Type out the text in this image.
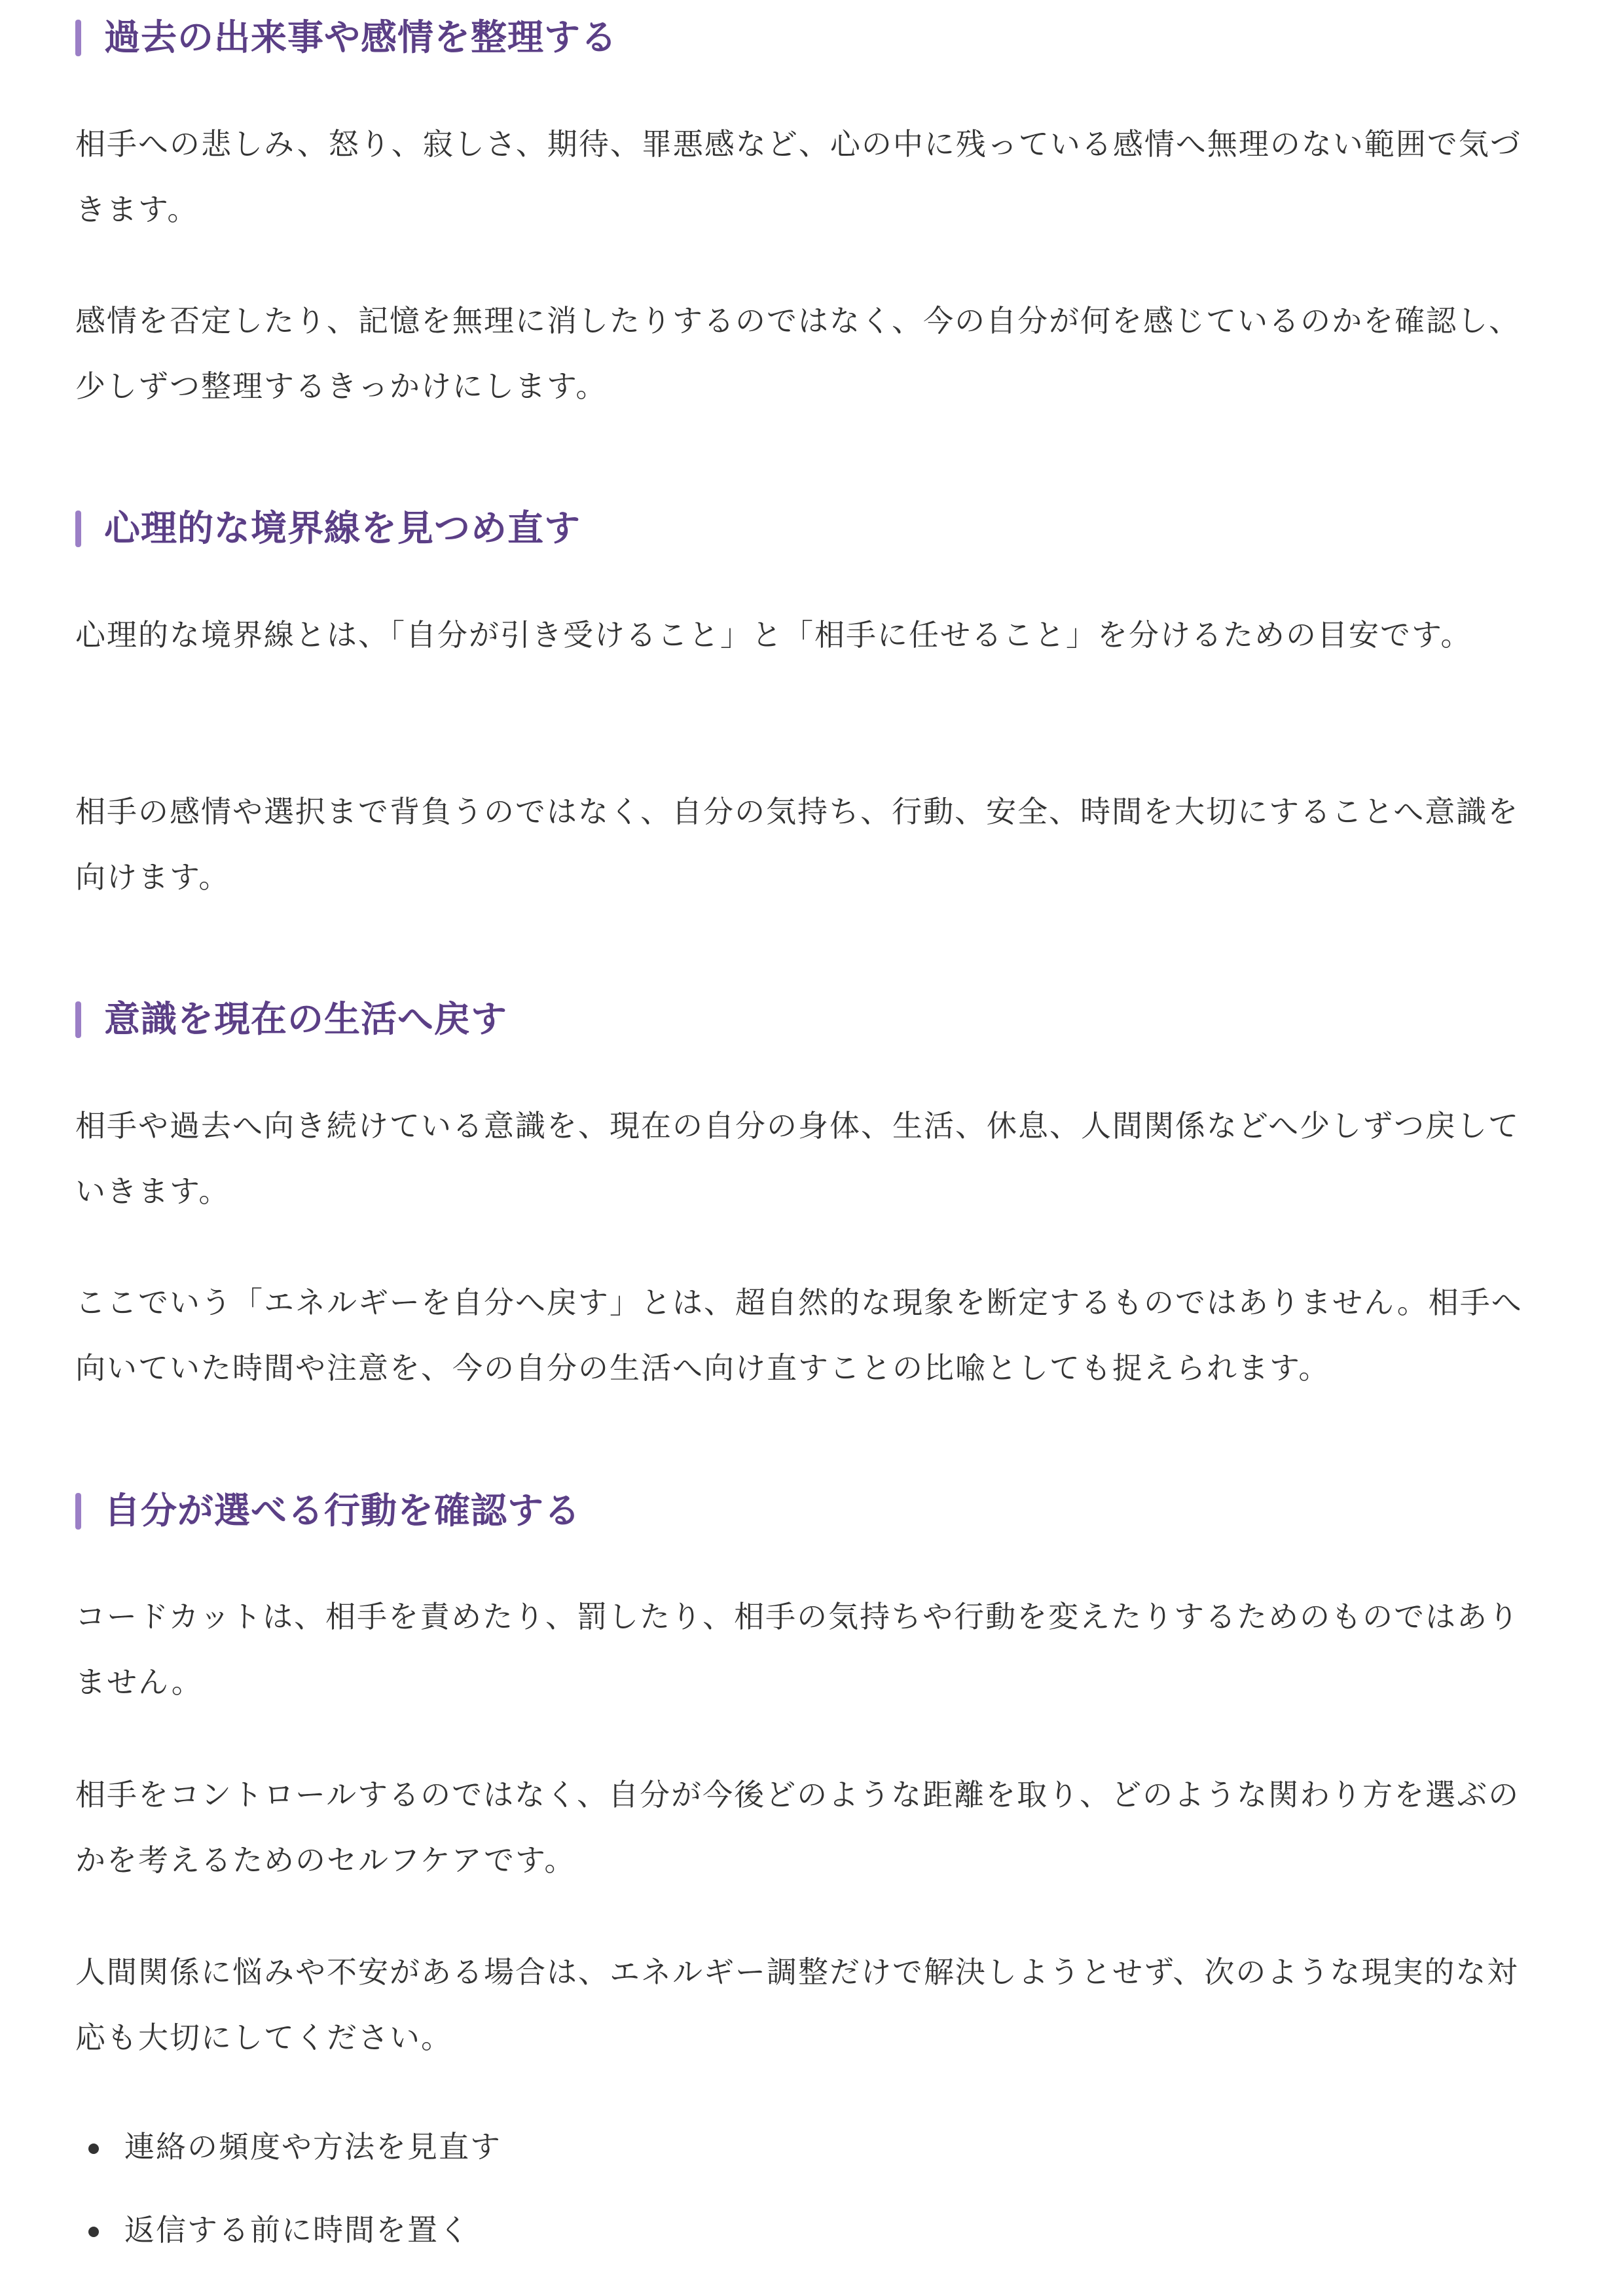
過去の出来事や感情を整理する

相手への悲しみ、怒り、寂しさ、期待、罪悪感など、心の中に残っている感情へ無理のない範囲で気づきます。

感情を否定したり、記憶を無理に消したりするのではなく、今の自分が何を感じているのかを確認し、少しずつ整理するきっかけにします。

心理的な境界線を見つめ直す

心理的な境界線とは、「自分が引き受けること」と「相手に任せること」を分けるための目安です。

相手の感情や選択まで背負うのではなく、自分の気持ち、行動、安全、時間を大切にすることへ意識を向けます。

意識を現在の生活へ戻す

相手や過去へ向き続けている意識を、現在の自分の身体、生活、休息、人間関係などへ少しずつ戻していきます。

ここでいう「エネルギーを自分へ戻す」とは、超自然的な現象を断定するものではありません。相手へ向いていた時間や注意を、今の自分の生活へ向け直すことの比喩としても捉えられます。

自分が選べる行動を確認する

コードカットは、相手を責めたり、罰したり、相手の気持ちや行動を変えたりするためのものではありません。

相手をコントロールするのではなく、自分が今後どのような距離を取り、どのような関わり方を選ぶのかを考えるためのセルフケアです。

人間関係に悩みや不安がある場合は、エネルギー調整だけで解決しようとせず、次のような現実的な対応も大切にしてください。

連絡の頻度や方法を見直す
返信する前に時間を置く
